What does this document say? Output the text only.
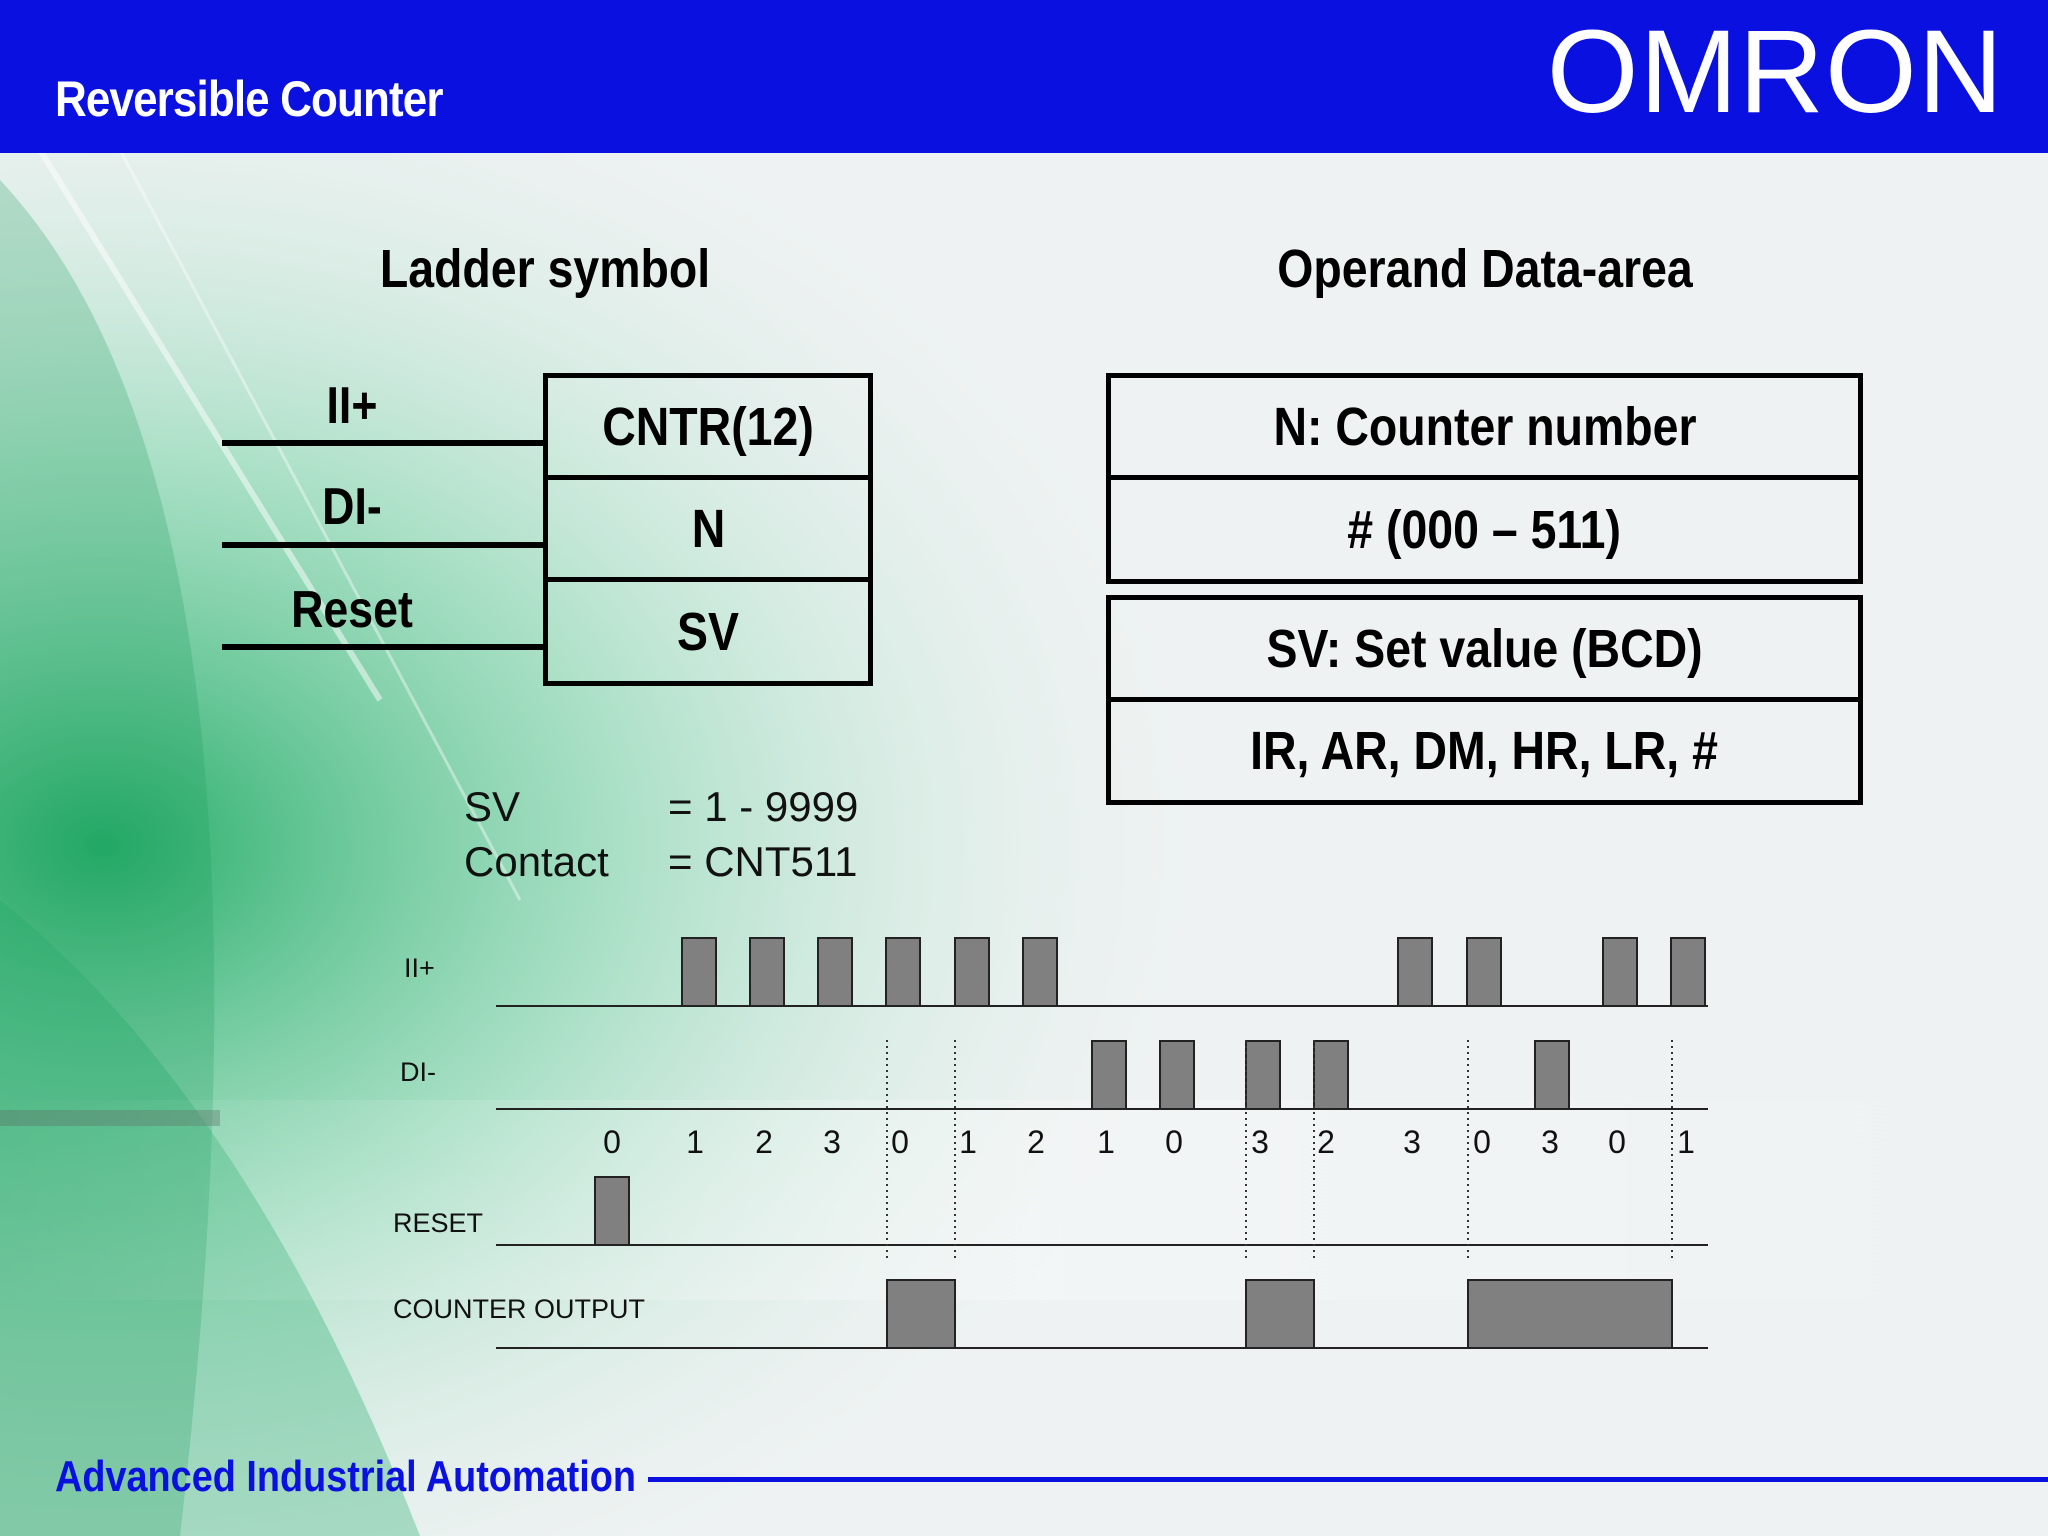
Reversible Counter	OMRON
Ladder symbol
II+
DI-
Reset
CNTR(12)
N
SV
Operand Data-area
N: Counter number
# (000 – 511)
SV: Set value (BCD)
IR, AR, DM, HR, LR, #
SV	= 1 - 9999
Contact = CNT511
II+
DI-
RESET
COUNTER OUTPUT
0 1 2 3 0 1 2 1 0 3 2 3 0 3 0 1
Advanced Industrial Automation
